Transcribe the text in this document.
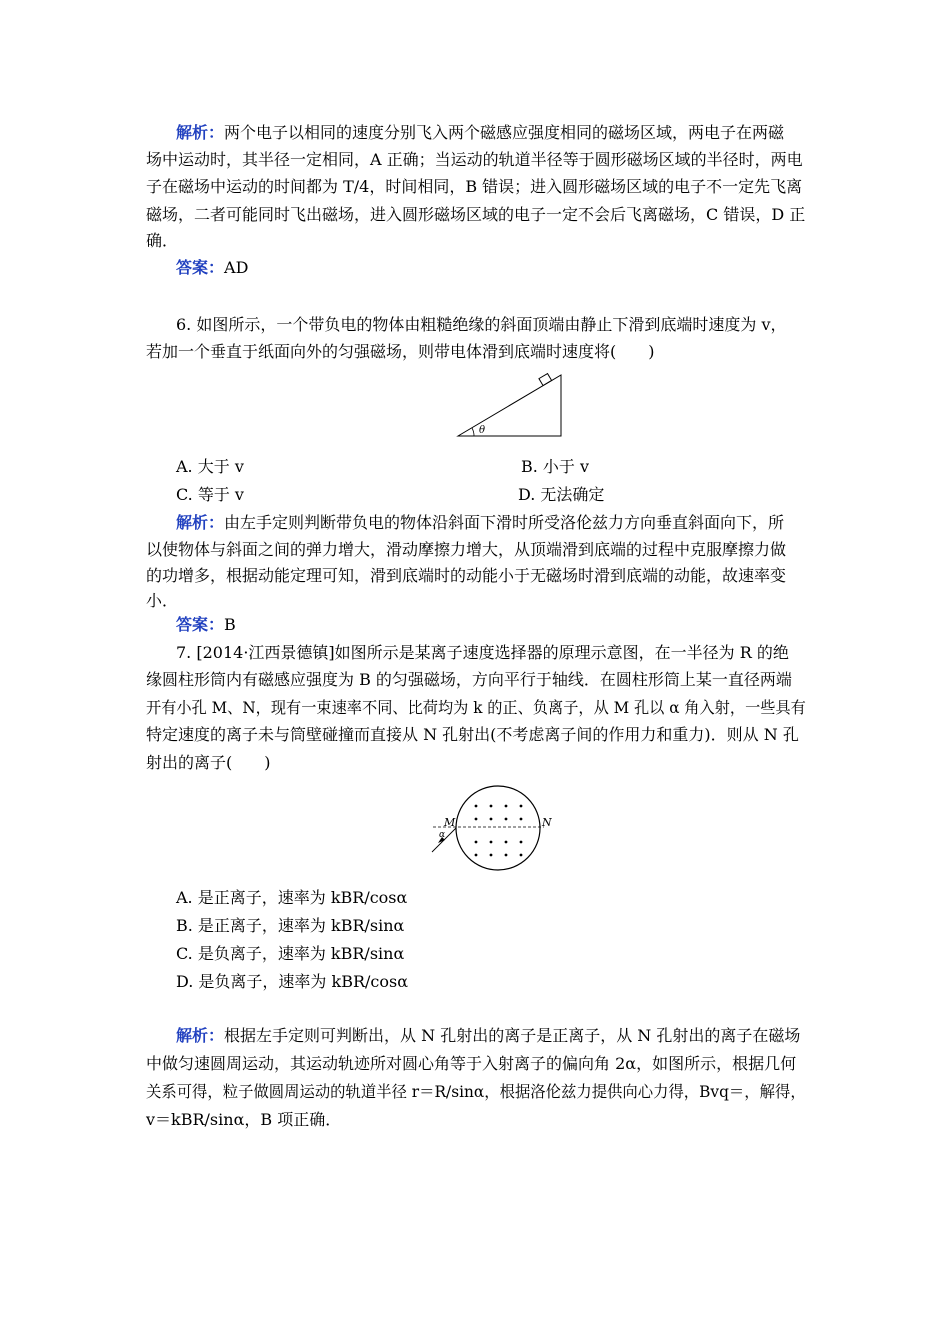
解析：两个电子以相同的速度分别飞入两个磁感应强度相同的磁场区域，两电子在两磁
场中运动时，其半径一定相同，A 正确；当运动的轨道半径等于圆形磁场区域的半径时，两电
子在磁场中运动的时间都为 T/4，时间相同，B 错误；进入圆形磁场区域的电子不一定先飞离
磁场，二者可能同时飞出磁场，进入圆形磁场区域的电子一定不会后飞离磁场，C 错误，D 正
确．
答案：AD
6. 如图所示，一个带负电的物体由粗糙绝缘的斜面顶端由静止下滑到底端时速度为 v，
若加一个垂直于纸面向外的匀强磁场，则带电体滑到底端时速度将(　　)
θ
A. 大于 v	B. 小于 v
C. 等于 v	D. 无法确定
解析：由左手定则判断带负电的物体沿斜面下滑时所受洛伦兹力方向垂直斜面向下，所
以使物体与斜面之间的弹力增大，滑动摩擦力增大，从顶端滑到底端的过程中克服摩擦力做
的功增多，根据动能定理可知，滑到底端时的动能小于无磁场时滑到底端的动能，故速率变
小．
答案：B
7. [2014·江西景德镇]如图所示是某离子速度选择器的原理示意图，在一半径为 R 的绝
缘圆柱形筒内有磁感应强度为 B 的匀强磁场，方向平行于轴线．在圆柱形筒上某一直径两端
开有小孔 M、N，现有一束速率不同、比荷均为 k 的正、负离子，从 M 孔以 α 角入射，一些具有
特定速度的离子未与筒壁碰撞而直接从 N 孔射出(不考虑离子间的作用力和重力)．则从 N 孔
射出的离子(　　)
M	N
α
A. 是正离子，速率为 kBR/cosα
B. 是正离子，速率为 kBR/sinα
C. 是负离子，速率为 kBR/sinα
D. 是负离子，速率为 kBR/cosα
解析：根据左手定则可判断出，从 N 孔射出的离子是正离子，从 N 孔射出的离子在磁场
中做匀速圆周运动，其运动轨迹所对圆心角等于入射离子的偏向角 2α，如图所示，根据几何
关系可得，粒子做圆周运动的轨道半径 r＝R/sinα，根据洛伦兹力提供向心力得，Bvq＝，解得，
v＝kBR/sinα，B 项正确．
